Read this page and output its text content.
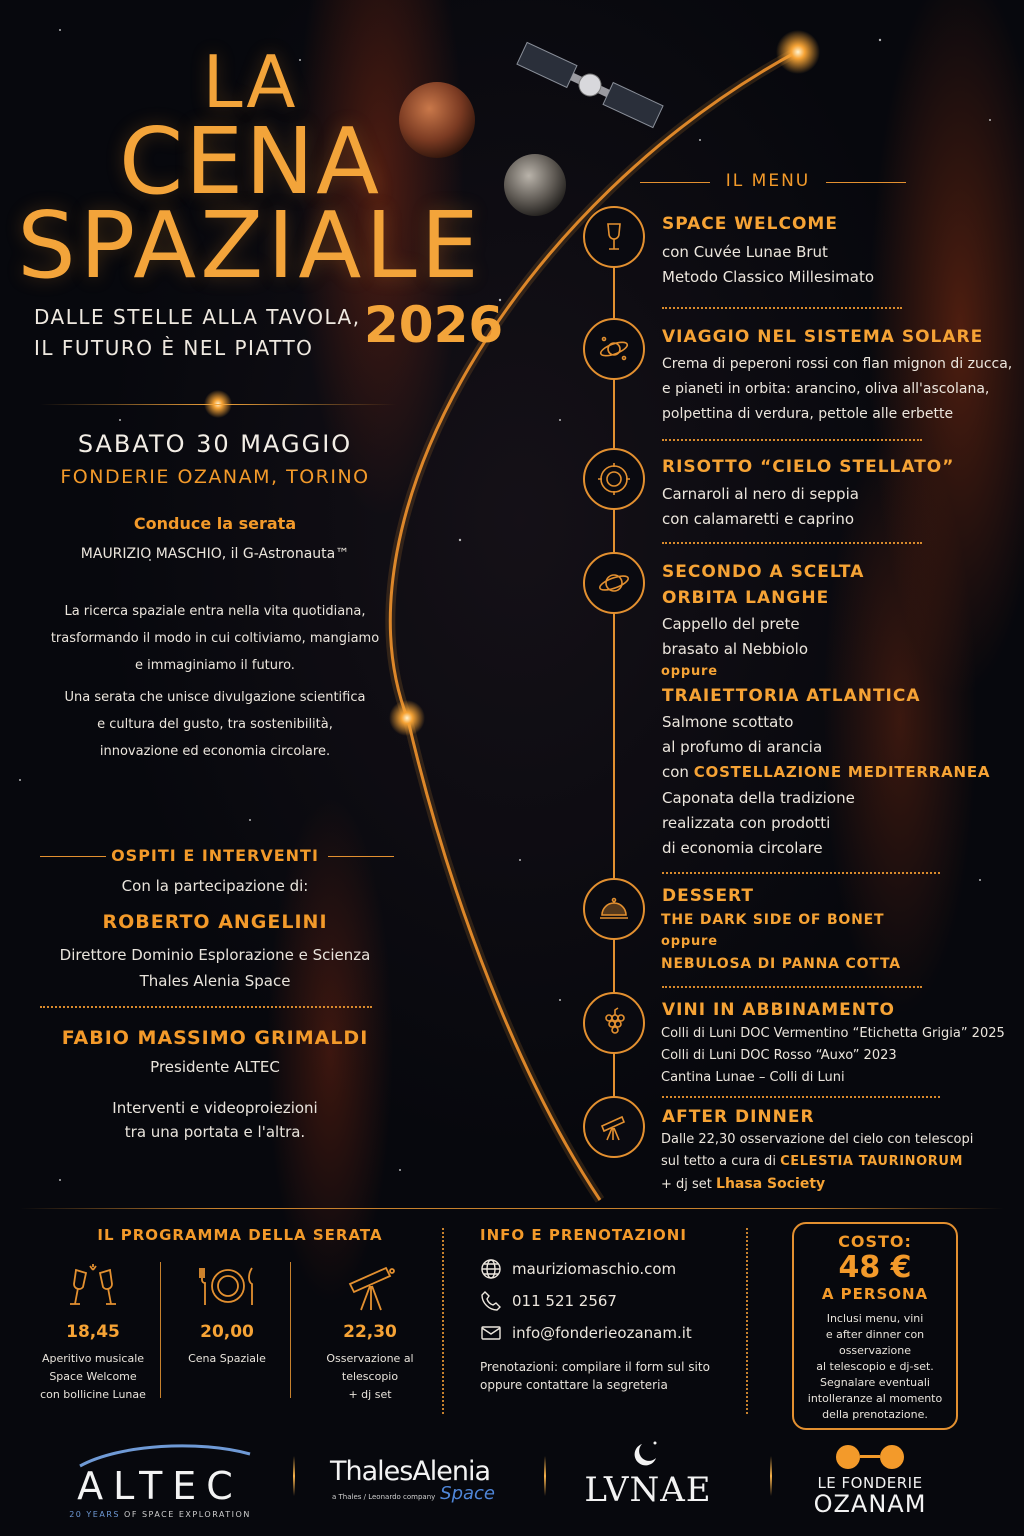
LA
CENA
SPAZIALE
DALLE STELLE ALLA TAVOLA,
IL FUTURO È NEL PIATTO	2026
SABATO 30 MAGGIO
FONDERIE OZANAM, TORINO
Conduce la serata
MAURIZIO MASCHIO, il G-Astronauta™
La ricerca spaziale entra nella vita quotidiana,
trasformando il modo in cui coltiviamo, mangiamo
e immaginiamo il futuro.
Una serata che unisce divulgazione scientifica
e cultura del gusto, tra sostenibilità,
innovazione ed economia circolare.
OSPITI E INTERVENTI
Con la partecipazione di:
ROBERTO ANGELINI
Direttore Dominio Esplorazione e Scienza
Thales Alenia Space
FABIO MASSIMO GRIMALDI
Presidente ALTEC
Interventi e videoproiezioni
tra una portata e l'altra.
IL MENU
SPACE WELCOME
con Cuvée Lunae Brut
Metodo Classico Millesimato
VIAGGIO NEL SISTEMA SOLARE
Crema di peperoni rossi con flan mignon di zucca,
e pianeti in orbita: arancino, oliva all'ascolana,
polpettina di verdura, pettole alle erbette
RISOTTO “CIELO STELLATO”
Carnaroli al nero di seppia
con calamaretti e caprino
SECONDO A SCELTA
ORBITA LANGHE
Cappello del prete
brasato al Nebbiolo
oppure
TRAIETTORIA ATLANTICA
Salmone scottato
al profumo di arancia
con COSTELLAZIONE MEDITERRANEA
Caponata della tradizione
realizzata con prodotti
di economia circolare
DESSERT
THE DARK SIDE OF BONET
oppure
NEBULOSA DI PANNA COTTA
VINI IN ABBINAMENTO
Colli di Luni DOC Vermentino “Etichetta Grigia” 2025
Colli di Luni DOC Rosso “Auxo” 2023
Cantina Lunae – Colli di Luni
AFTER DINNER
Dalle 22,30 osservazione del cielo con telescopi
sul tetto a cura di CELESTIA TAURINORUM
+ dj set Lhasa Society
IL PROGRAMMA DELLA SERATA
18,45
Aperitivo musicale
Space Welcome
con bollicine Lunae
20,00
Cena Spaziale
22,30
Osservazione al telescopio
+ dj set
INFO E PRENOTAZIONI
mauriziomaschio.com
011 521 2567
info@fonderieozanam.it
Prenotazioni: compilare il form sul sito
oppure contattare la segreteria
COSTO:
48 €
A PERSONA
Inclusi menu, vini
e after dinner con
osservazione
al telescopio e dj-set.
Segnalare eventuali
intolleranze al momento
della prenotazione.
ALTEC
20 YEARS OF SPACE EXPLORATION
ThalesAlenia
a Thales / Leonardo company Space	LVNAE	LE FONDERIE
OZANAM
